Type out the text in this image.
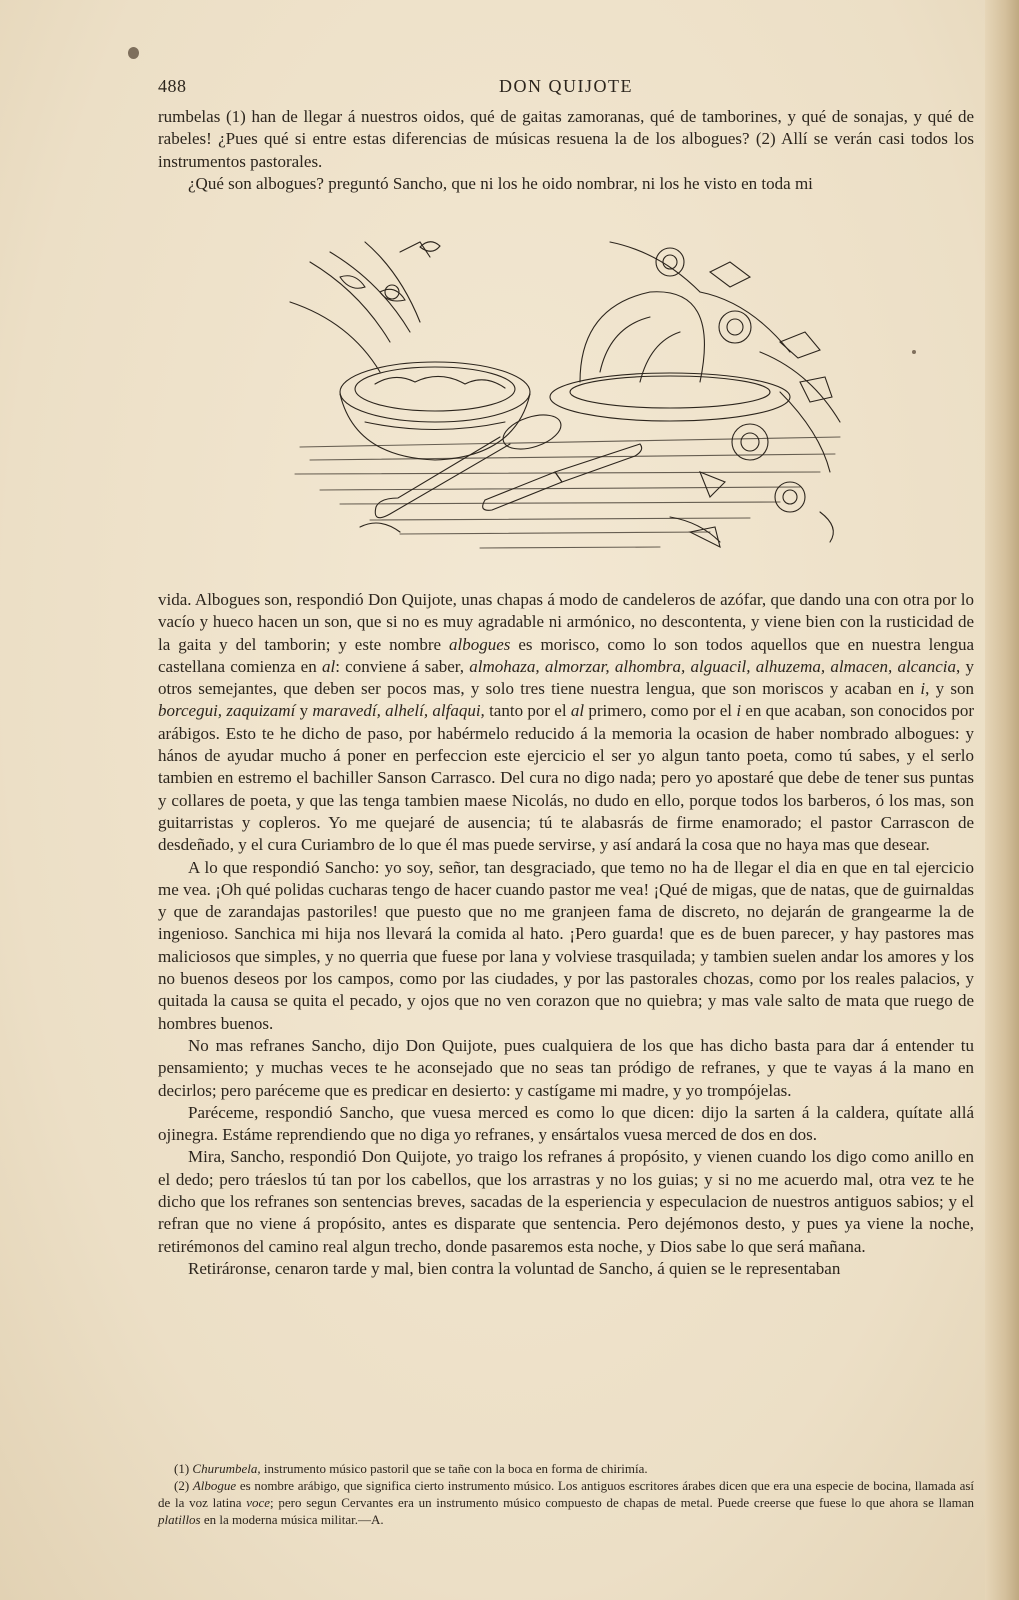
488	DON QUIJOTE

rumbelas (1) han de llegar á nuestros oidos, qué de gaitas zamoranas, qué de tamborines, y qué de sonajas, y qué de rabeles! ¿Pues qué si entre estas diferencias de músicas resuena la de los albogues? (2) Allí se verán casi todos los instrumentos pastorales.

¿Qué son albogues? preguntó Sancho, que ni los he oido nombrar, ni los he visto en toda mi

vida. Albogues son, respondió Don Quijote, unas chapas á modo de candeleros de azófar, que dando una con otra por lo vacío y hueco hacen un son, que si no es muy agradable ni armónico, no descontenta, y viene bien con la rusticidad de la gaita y del tamborin; y este nombre albogues es morisco, como lo son todos aquellos que en nuestra lengua castellana comienza en al: conviene á saber, almohaza, almorzar, alhombra, alguacil, alhuzema, almacen, alcancia, y otros semejantes, que deben ser pocos mas, y solo tres tiene nuestra lengua, que son moriscos y acaban en i, y son borcegui, zaquizamí y maravedí, alhelí, alfaqui, tanto por el al primero, como por el i en que acaban, son conocidos por arábigos. Esto te he dicho de paso, por habérmelo reducido á la memoria la ocasion de haber nombrado albogues: y hános de ayudar mucho á poner en perfeccion este ejercicio el ser yo algun tanto poeta, como tú sabes, y el serlo tambien en estremo el bachiller Sanson Carrasco. Del cura no digo nada; pero yo apostaré que debe de tener sus puntas y collares de poeta, y que las tenga tambien maese Nicolás, no dudo en ello, porque todos los barberos, ó los mas, son guitarristas y copleros. Yo me quejaré de ausencia; tú te alabasrás de firme enamorado; el pastor Carrascon de desdeñado, y el cura Curiambro de lo que él mas puede servirse, y así andará la cosa que no haya mas que desear.

A lo que respondió Sancho: yo soy, señor, tan desgraciado, que temo no ha de llegar el dia en que en tal ejercicio me vea. ¡Oh qué polidas cucharas tengo de hacer cuando pastor me vea! ¡Qué de migas, que de natas, que de guirnaldas y que de zarandajas pastoriles! que puesto que no me granjeen fama de discreto, no dejarán de grangearme la de ingenioso. Sanchica mi hija nos llevará la comida al hato. ¡Pero guarda! que es de buen parecer, y hay pastores mas maliciosos que simples, y no querria que fuese por lana y volviese trasquilada; y tambien suelen andar los amores y los no buenos deseos por los campos, como por las ciudades, y por las pastorales chozas, como por los reales palacios, y quitada la causa se quita el pecado, y ojos que no ven corazon que no quiebra; y mas vale salto de mata que ruego de hombres buenos.

No mas refranes Sancho, dijo Don Quijote, pues cualquiera de los que has dicho basta para dar á entender tu pensamiento; y muchas veces te he aconsejado que no seas tan pródigo de refranes, y que te vayas á la mano en decirlos; pero paréceme que es predicar en desierto: y castígame mi madre, y yo trompójelas.

Paréceme, respondió Sancho, que vuesa merced es como lo que dicen: dijo la sarten á la caldera, quítate allá ojinegra. Estáme reprendiendo que no diga yo refranes, y ensártalos vuesa merced de dos en dos.

Mira, Sancho, respondió Don Quijote, yo traigo los refranes á propósito, y vienen cuando los digo como anillo en el dedo; pero tráeslos tú tan por los cabellos, que los arrastras y no los guias; y si no me acuerdo mal, otra vez te he dicho que los refranes son sentencias breves, sacadas de la esperiencia y especulacion de nuestros antiguos sabios; y el refran que no viene á propósito, antes es disparate que sentencia. Pero dejémonos desto, y pues ya viene la noche, retirémonos del camino real algun trecho, donde pasaremos esta noche, y Dios sabe lo que será mañana.

Retiráronse, cenaron tarde y mal, bien contra la voluntad de Sancho, á quien se le representaban

(1) Churumbela, instrumento músico pastoril que se tañe con la boca en forma de chirimía.

(2) Albogue es nombre arábigo, que significa cierto instrumento músico. Los antiguos escritores árabes dicen que era una especie de bocina, llamada así de la voz latina voce; pero segun Cervantes era un instrumento músico compuesto de chapas de metal. Puede creerse que fuese lo que ahora se llaman platillos en la moderna música militar.—A.
